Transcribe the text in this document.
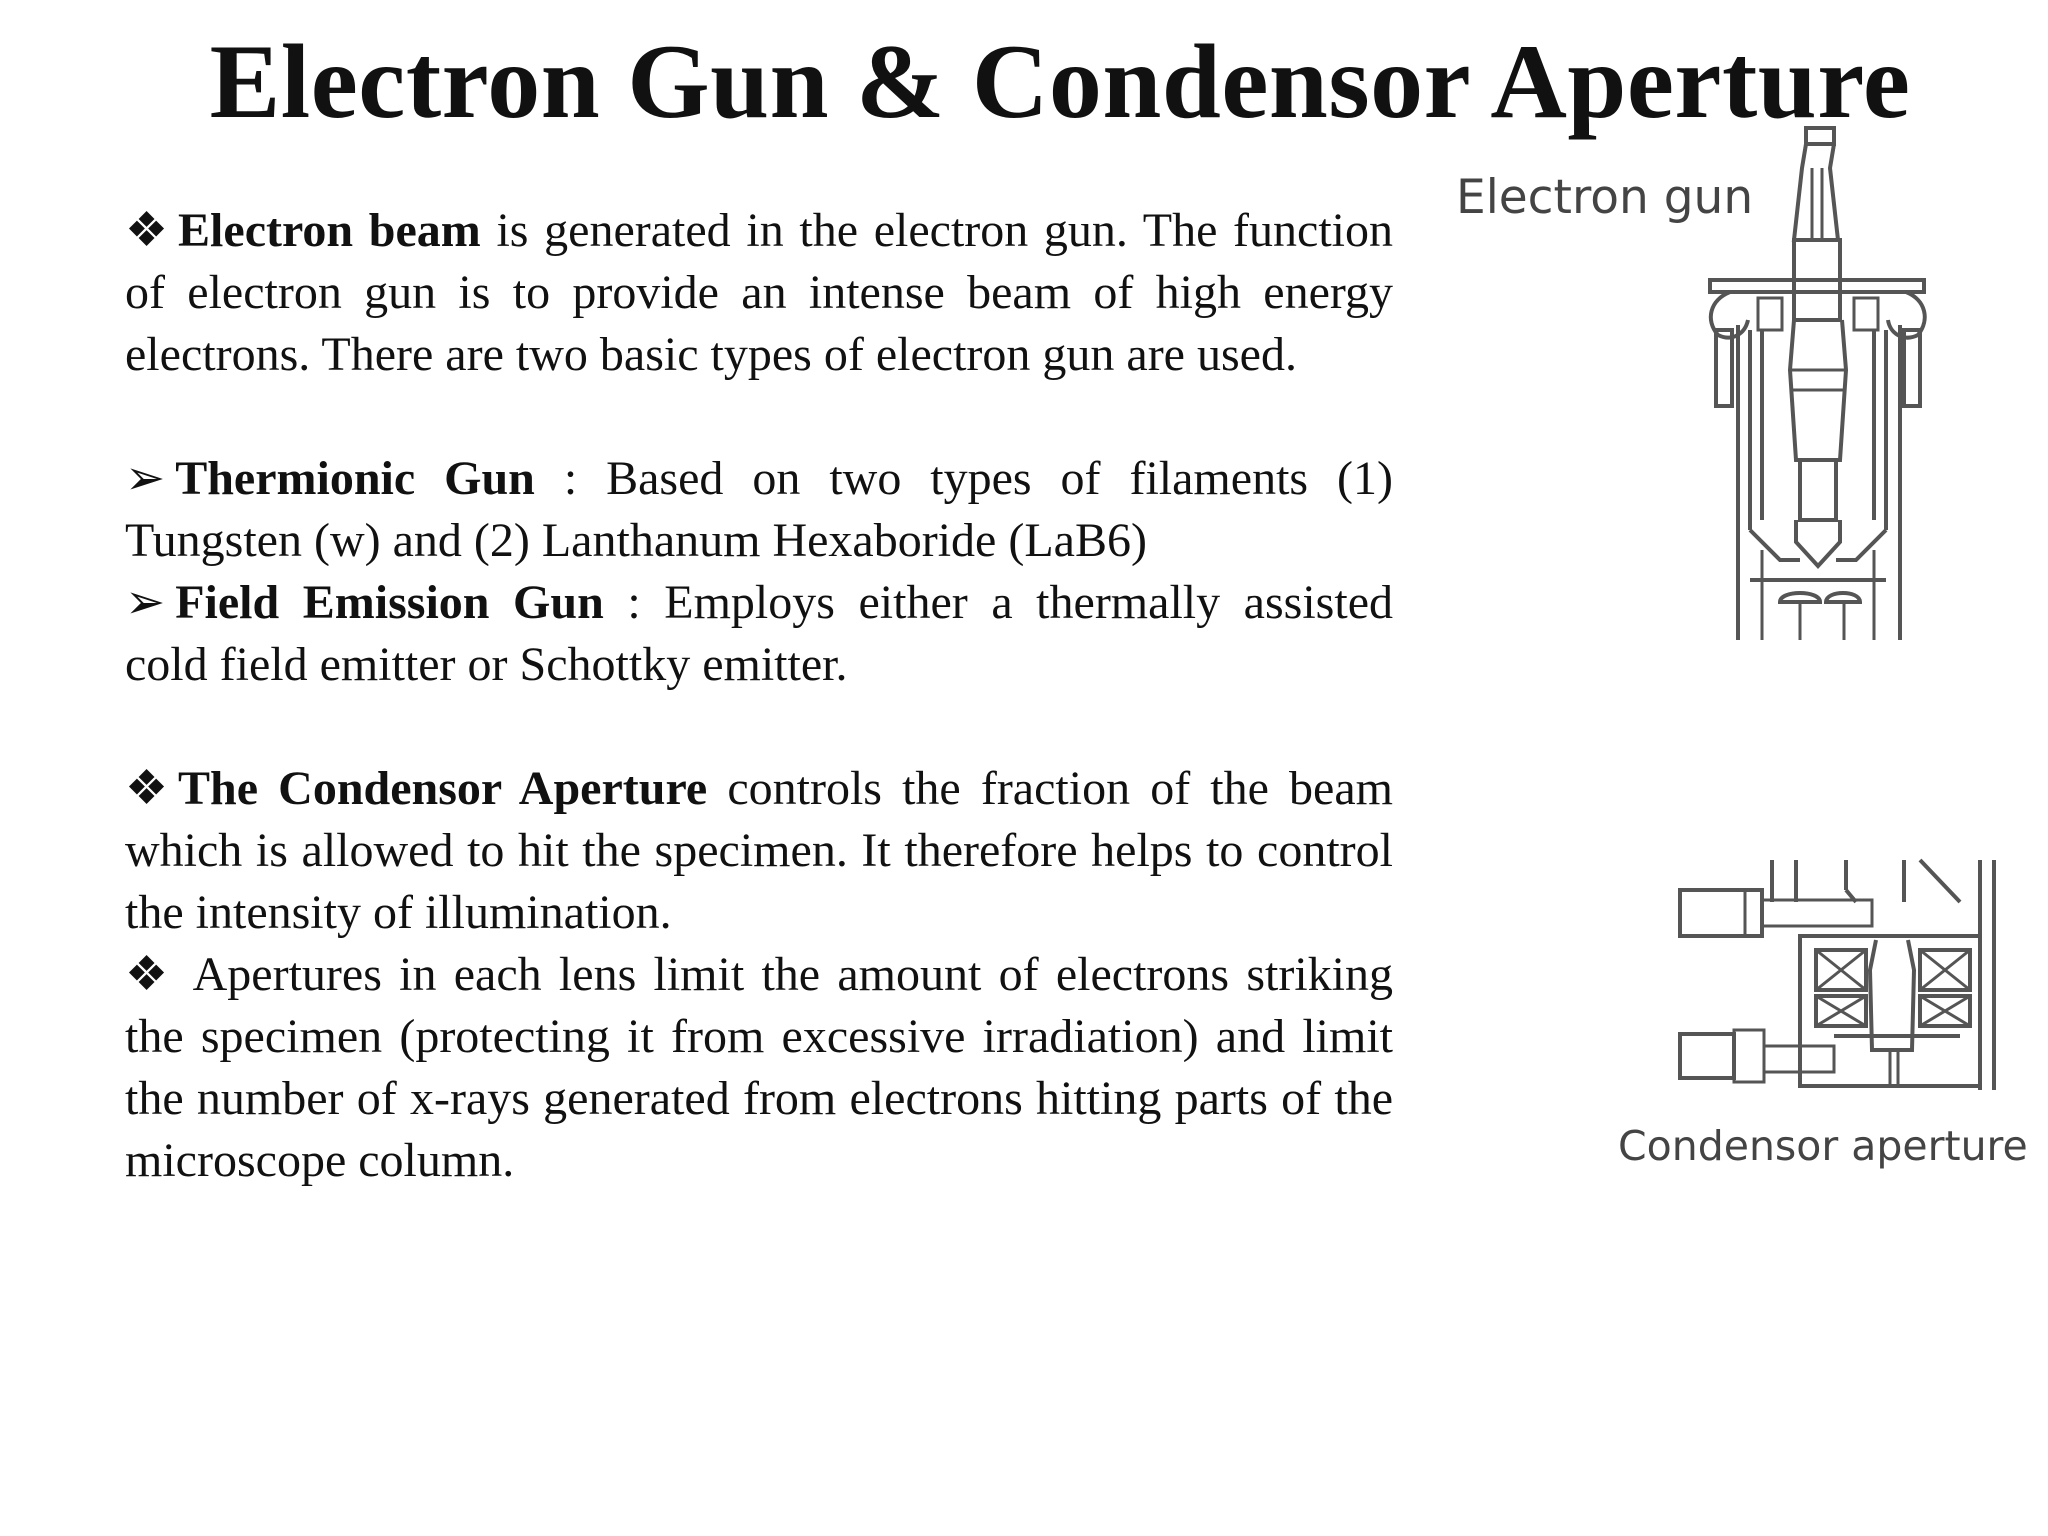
Electron Gun & Condensor Aperture

❖ Electron beam is generated in the electron gun. The function of electron gun is to provide an intense beam of high energy electrons. There are two basic types of electron gun are used.

➢ Thermionic Gun : Based on two types of filaments (1) Tungsten (w) and (2) Lanthanum Hexaboride (LaB6)

➢ Field Emission Gun : Employs either a thermally assisted cold field emitter or Schottky emitter.

❖ The Condensor Aperture controls the fraction of the beam which is allowed to hit the specimen. It therefore helps to control the intensity of illumination.

❖ Apertures in each lens limit the amount of electrons striking the specimen (protecting it from excessive irradiation) and limit the number of x-rays generated from electrons hitting parts of the microscope column.

Electron gun
Condensor aperture
